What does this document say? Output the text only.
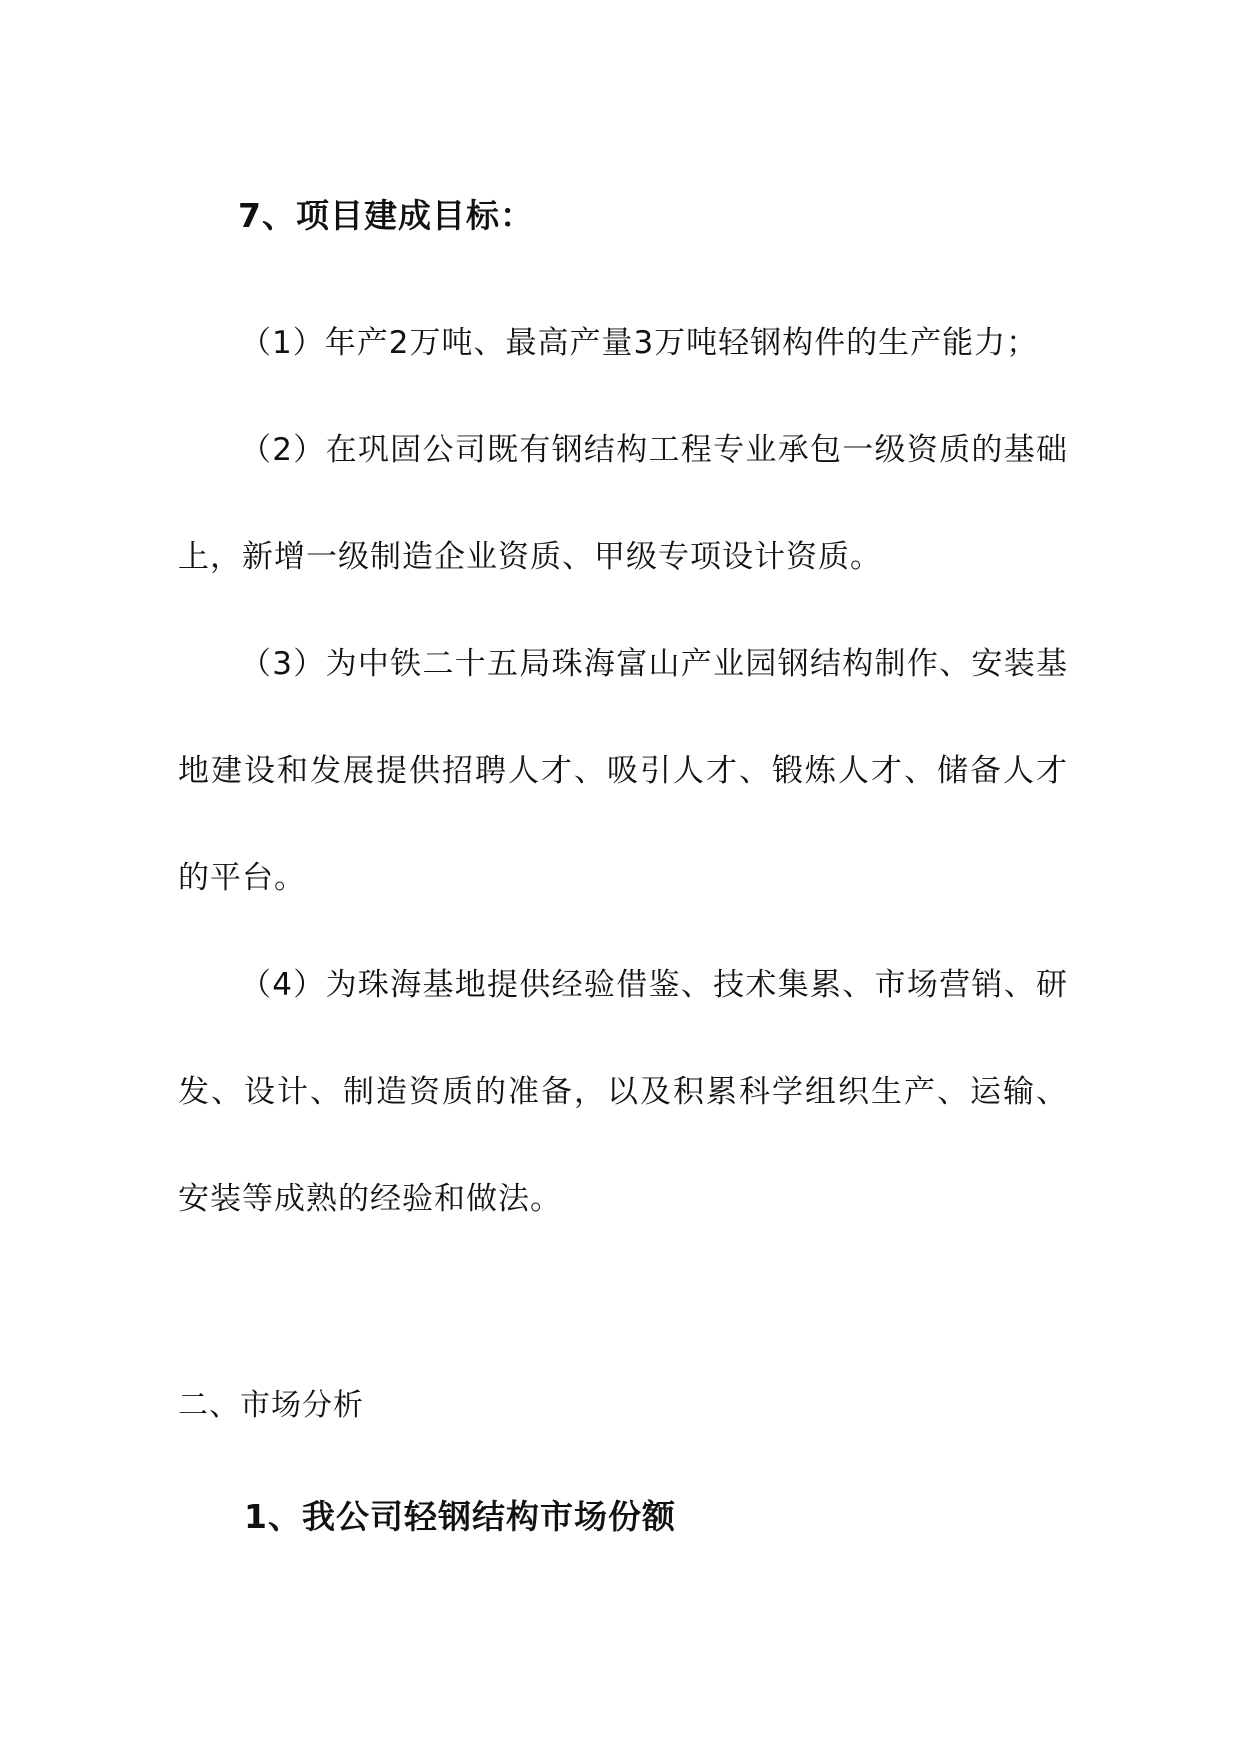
7、项目建成目标：

（1）年产2万吨、最高产量3万吨轻钢构件的生产能力；

（2）在巩固公司既有钢结构工程专业承包一级资质的基础上，新增一级制造企业资质、甲级专项设计资质。

（3）为中铁二十五局珠海富山产业园钢结构制作、安装基地建设和发展提供招聘人才、吸引人才、锻炼人才、储备人才的平台。

（4）为珠海基地提供经验借鉴、技术集累、市场营销、研发、设计、制造资质的准备，以及积累科学组织生产、运输、安装等成熟的经验和做法。

二、市场分析
1、我公司轻钢结构市场份额
